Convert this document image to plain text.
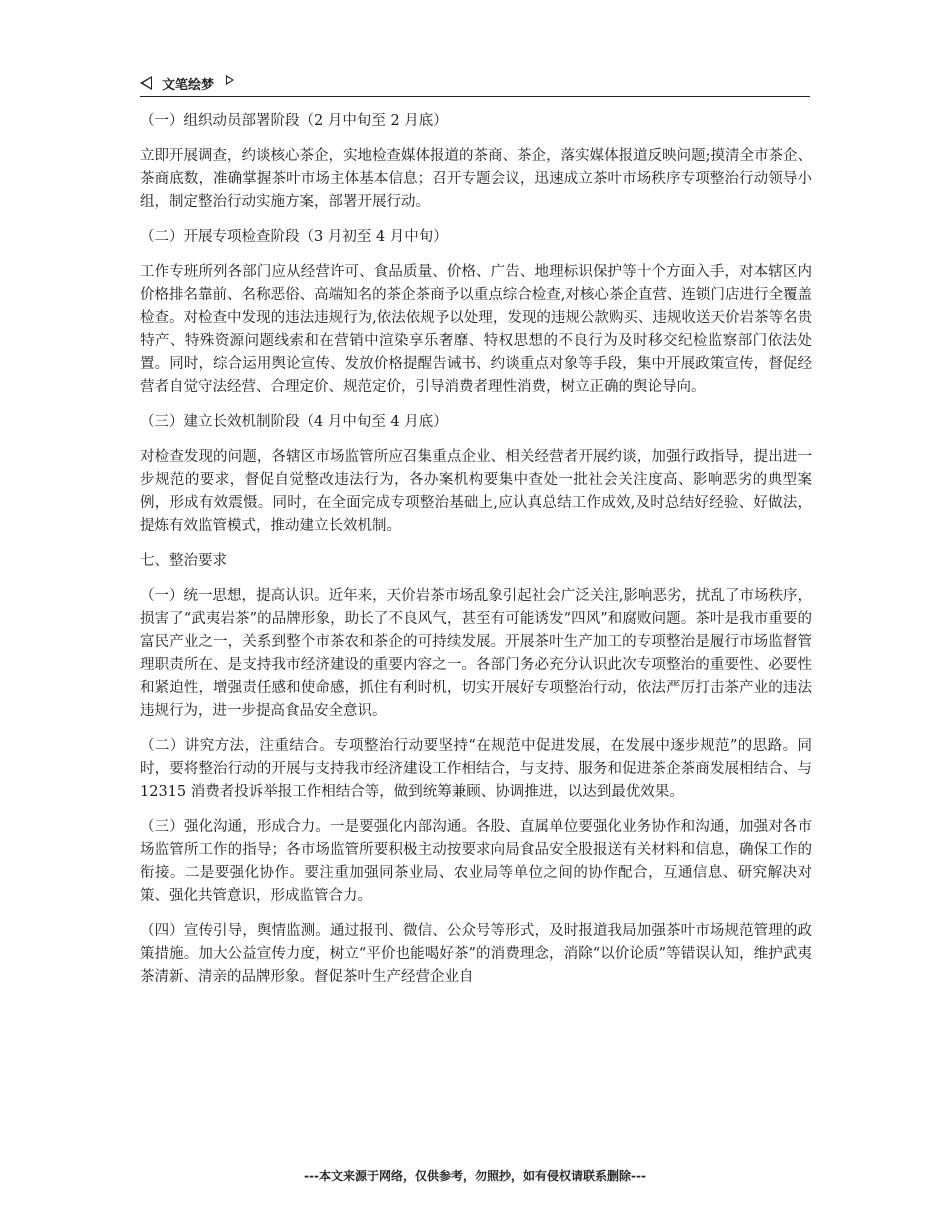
文笔绘梦

（一）组织动员部署阶段（2 月中旬至 2 月底）

立即开展调查，约谈核心茶企，实地检查媒体报道的茶商、茶企，落实媒体报道反映问题;摸清全市茶企、茶商底数，准确掌握茶叶市场主体基本信息；召开专题会议，迅速成立茶叶市场秩序专项整治行动领导小组，制定整治行动实施方案，部署开展行动。

（二）开展专项检查阶段（3 月初至 4 月中旬）

工作专班所列各部门应从经营许可、食品质量、价格、广告、地理标识保护等十个方面入手，对本辖区内价格排名靠前、名称恶俗、高端知名的茶企茶商予以重点综合检查,对核心茶企直营、连锁门店进行全覆盖检查。对检查中发现的违法违规行为,依法依规予以处理，发现的违规公款购买、违规收送天价岩茶等名贵特产、特殊资源问题线索和在营销中渲染享乐奢靡、特权思想的不良行为及时移交纪检监察部门依法处置。同时，综合运用舆论宣传、发放价格提醒告诫书、约谈重点对象等手段，集中开展政策宣传，督促经营者自觉守法经营、合理定价、规范定价，引导消费者理性消费，树立正确的舆论导向。

（三）建立长效机制阶段（4 月中旬至 4 月底）

对检查发现的问题，各辖区市场监管所应召集重点企业、相关经营者开展约谈，加强行政指导，提出进一步规范的要求，督促自觉整改违法行为，各办案机构要集中查处一批社会关注度高、影响恶劣的典型案例，形成有效震慑。同时，在全面完成专项整治基础上,应认真总结工作成效,及时总结好经验、好做法，提炼有效监管模式，推动建立长效机制。

七、整治要求

（一）统一思想，提高认识。近年来，天价岩茶市场乱象引起社会广泛关注,影响恶劣，扰乱了市场秩序，损害了“武夷岩茶”的品牌形象，助长了不良风气，甚至有可能诱发“四风”和腐败问题。茶叶是我市重要的富民产业之一，关系到整个市茶农和茶企的可持续发展。开展茶叶生产加工的专项整治是履行市场监督管理职责所在、是支持我市经济建设的重要内容之一。各部门务必充分认识此次专项整治的重要性、必要性和紧迫性，增强责任感和使命感，抓住有利时机，切实开展好专项整治行动，依法严厉打击茶产业的违法违规行为，进一步提高食品安全意识。

（二）讲究方法，注重结合。专项整治行动要坚持“在规范中促进发展，在发展中逐步规范”的思路。同时，要将整治行动的开展与支持我市经济建设工作相结合，与支持、服务和促进茶企茶商发展相结合、与 12315 消费者投诉举报工作相结合等，做到统筹兼顾、协调推进，以达到最优效果。

（三）强化沟通，形成合力。一是要强化内部沟通。各股、直属单位要强化业务协作和沟通，加强对各市场监管所工作的指导；各市场监管所要积极主动按要求向局食品安全股报送有关材料和信息，确保工作的衔接。二是要强化协作。要注重加强同茶业局、农业局等单位之间的协作配合，互通信息、研究解决对策、强化共管意识，形成监管合力。

（四）宣传引导，舆情监测。通过报刊、微信、公众号等形式，及时报道我局加强茶叶市场规范管理的政策措施。加大公益宣传力度，树立“平价也能喝好茶”的消费理念，消除“以价论质”等错误认知，维护武夷茶清新、清亲的品牌形象。督促茶叶生产经营企业自

---本文来源于网络，仅供参考，勿照抄，如有侵权请联系删除---
